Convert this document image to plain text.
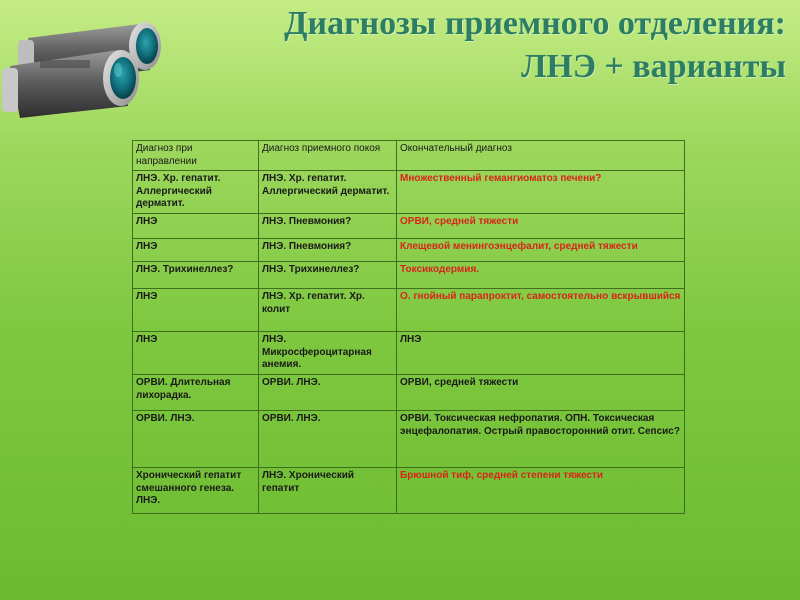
Диагнозы приемного отделения:
ЛНЭ + варианты
Диагноз при направлении	Диагноз приемного покоя	Окончательный диагноз
ЛНЭ. Хр. гепатит. Аллергический дерматит.	ЛНЭ. Хр. гепатит. Аллергический дерматит.	Множественный гемангиоматоз печени?
ЛНЭ	ЛНЭ. Пневмония?	ОРВИ, средней тяжести
ЛНЭ	ЛНЭ. Пневмония?	Клещевой менингоэнцефалит, средней тяжести
ЛНЭ. Трихинеллез?	ЛНЭ. Трихинеллез?	Токсикодермия.
ЛНЭ	ЛНЭ. Хр. гепатит. Хр. колит	О. гнойный парапроктит, самостоятельно вскрывшийся
ЛНЭ	ЛНЭ. Микросфероцитарная анемия.	ЛНЭ
ОРВИ. Длительная лихорадка.	ОРВИ. ЛНЭ.	ОРВИ, средней тяжести
ОРВИ. ЛНЭ.	ОРВИ. ЛНЭ.	ОРВИ. Токсическая нефропатия. ОПН. Токсическая энцефалопатия. Острый правосторонний отит. Сепсис?
Хронический гепатит смешанного генеза. ЛНЭ.	ЛНЭ. Хронический гепатит	Брюшной тиф, средней степени тяжести
